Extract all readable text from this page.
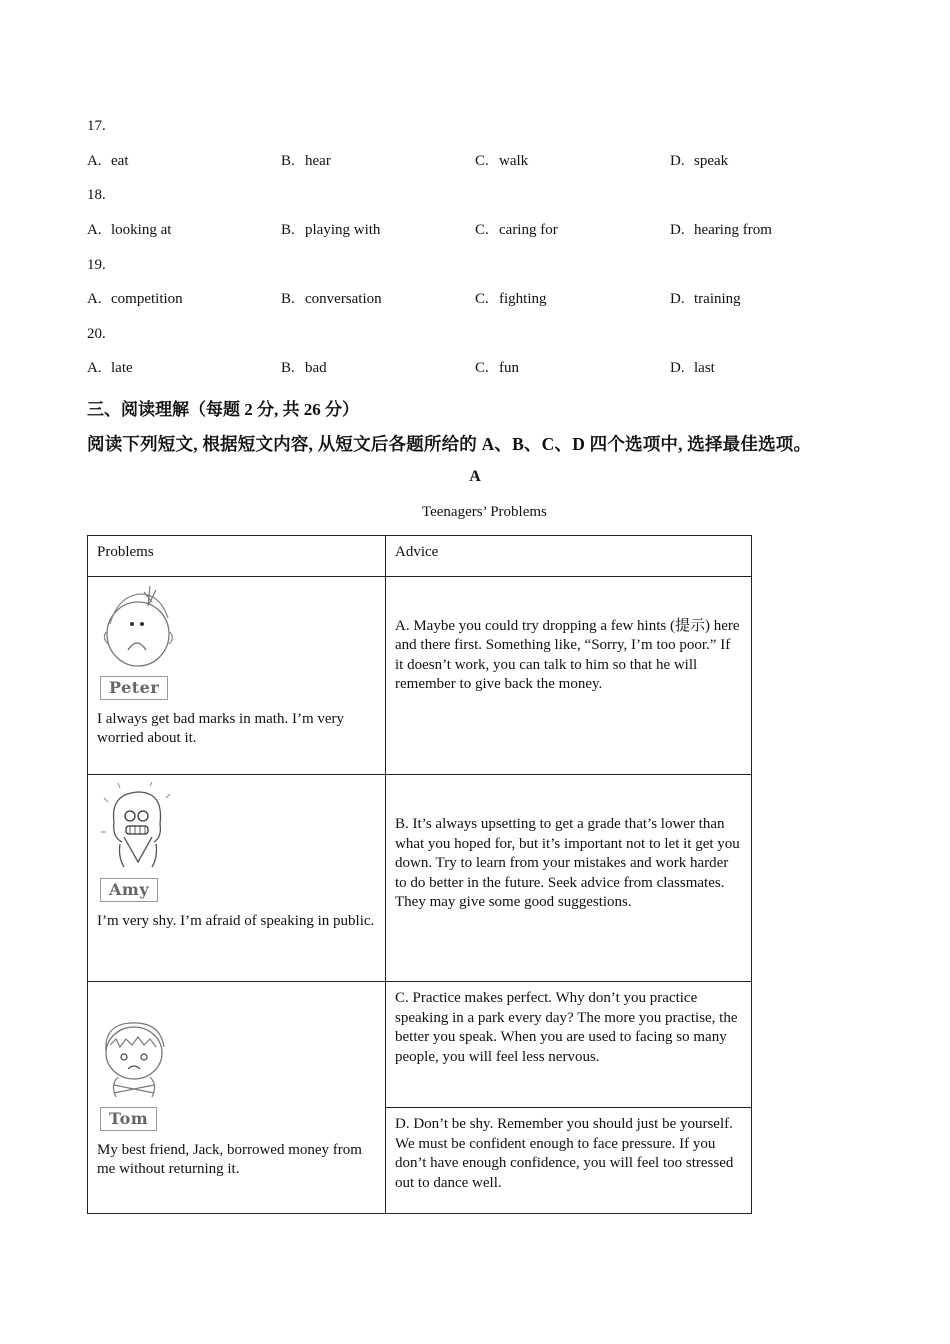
17.
A. eat	B. hear	C. walk	D. speak
18.
A. looking at	B. playing with	C. caring for	D. hearing from
19.
A. competition	B. conversation	C. fighting	D. training
20.
A. late	B. bad	C. fun	D. last
三、阅读理解（每题 2 分, 共 26 分）
阅读下列短文, 根据短文内容, 从短文后各题所给的 A、B、C、D 四个选项中, 选择最佳选项。
A
Teenagers’ Problems
Problems	Advice

Peter
I always get bad marks in math. I’m very worried about it.	A. Maybe you could try dropping a few hints (提示) here and there first. Something like, “Sorry, I’m too poor.” If it doesn’t work, you can talk to him so that he will remember to give back the money.

Amy
I’m very shy. I’m afraid of speaking in public.	B. It’s always upsetting to get a grade that’s lower than what you hoped for, but it’s important not to let it get you down. Try to learn from your mistakes and work harder to do better in the future. Seek advice from classmates. They may give some good suggestions.

Tom
My best friend, Jack, borrowed money from me without returning it.	C. Practice makes perfect. Why don’t you practice speaking in a park every day? The more you practise, the better you speak. When you are used to facing so many people, you will feel less nervous.

	D. Don’t be shy. Remember you should just be yourself. We must be confident enough to face pressure. If you don’t have enough confidence, you will feel too stressed out to dance well.
